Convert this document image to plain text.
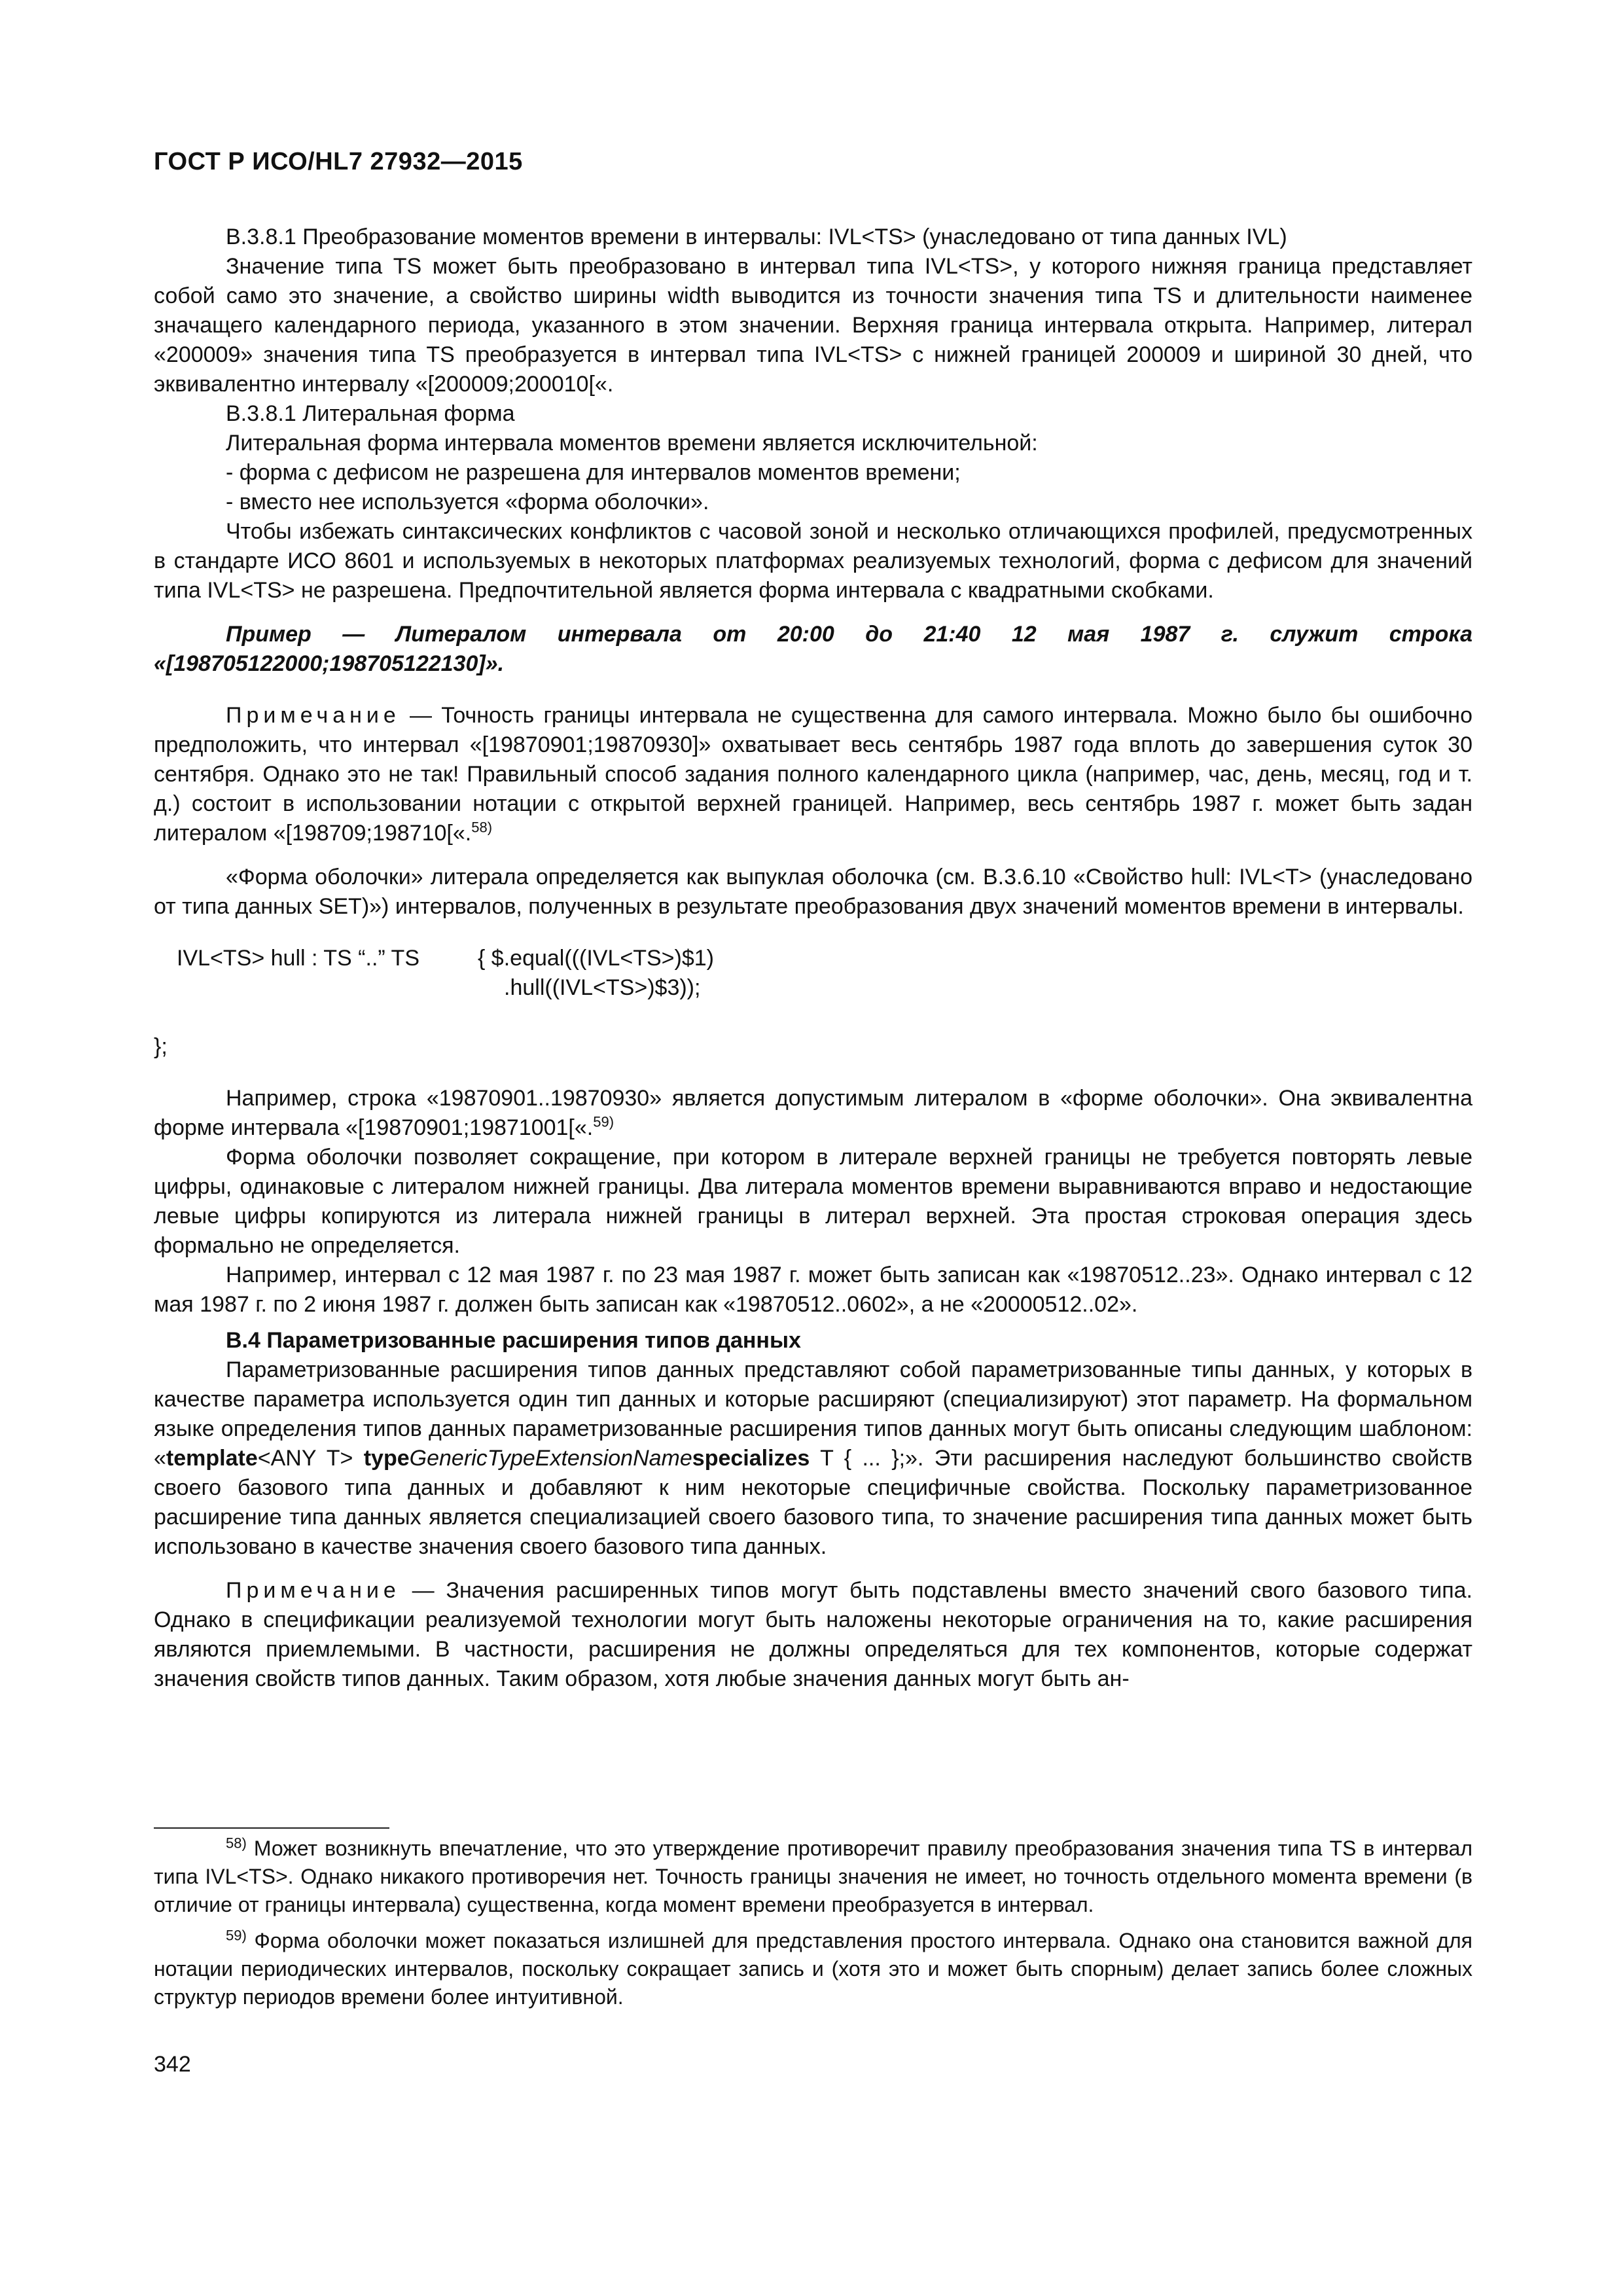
ГОСТ Р ИСО/HL7 27932—2015

В.3.8.1 Преобразование моментов времени в интервалы: IVL<TS> (унаследовано от типа данных IVL)

Значение типа TS может быть преобразовано в интервал типа IVL<TS>, у которого нижняя граница представляет собой само это значение, а свойство ширины width выводится из точности значения типа TS и длительности наименее значащего календарного периода, указанного в этом значении. Верхняя граница интервала открыта. Например, литерал «200009» значения типа TS преобразуется в интервал типа IVL<TS> с нижней границей 200009 и шириной 30 дней, что эквивалентно интервалу «[200009;200010[«.

В.3.8.1 Литеральная форма

Литеральная форма интервала моментов времени является исключительной:

- форма с дефисом не разрешена для интервалов моментов времени;

- вместо нее используется «форма оболочки».

Чтобы избежать синтаксических конфликтов с часовой зоной и несколько отличающихся профилей, предусмотренных в стандарте ИСО 8601 и используемых в некоторых платформах реализуемых технологий, форма с дефисом для значений типа IVL<TS> не разрешена. Предпочтительной является форма интервала с квадратными скобками.

Пример — Литералом интервала от 20:00 до 21:40 12 мая 1987 г. служит строка «[198705122000;198705122130]».

Примечание — Точность границы интервала не существенна для самого интервала. Можно было бы ошибочно предположить, что интервал «[19870901;19870930]» охватывает весь сентябрь 1987 года вплоть до завершения суток 30 сентября. Однако это не так! Правильный способ задания полного календарного цикла (например, час, день, месяц, год и т. д.) состоит в использовании нотации с открытой верхней границей. Например, весь сентябрь 1987 г. может быть задан литералом «[198709;198710[«.$^{58)}$

«Форма оболочки» литерала определяется как выпуклая оболочка (см. В.3.6.10 «Свойство hull: IVL<T> (унаследовано от типа данных SET)») интервалов, полученных в результате преобразования двух значений моментов времени в интервалы.

IVL<TS> hull : TS “..” TS	{ $.equal(((IVL<TS>)$1)
.hull((IVL<TS>)$3));
};

Например, строка «19870901..19870930» является допустимым литералом в «форме оболочки». Она эквивалентна форме интервала «[19870901;19871001[«.$^{59)}$

Форма оболочки позволяет сокращение, при котором в литерале верхней границы не требуется повторять левые цифры, одинаковые с литералом нижней границы. Два литерала моментов времени выравниваются вправо и недостающие левые цифры копируются из литерала нижней границы в литерал верхней. Эта простая строковая операция здесь формально не определяется.

Например, интервал с 12 мая 1987 г. по 23 мая 1987 г. может быть записан как «19870512..23». Однако интервал с 12 мая 1987 г. по 2 июня 1987 г. должен быть записан как «19870512..0602», а не «20000512..02».

В.4 Параметризованные расширения типов данных

Параметризованные расширения типов данных представляют собой параметризованные типы данных, у которых в качестве параметра используется один тип данных и которые расширяют (специализируют) этот параметр. На формальном языке определения типов данных параметризованные расширения типов данных могут быть описаны следующим шаблоном: «template<ANY T> typeGenericTypeExtensionNamespecializes T { ... };». Эти расширения наследуют большинство свойств своего базового типа данных и добавляют к ним некоторые специфичные свойства. Поскольку параметризованное расширение типа данных является специализацией своего базового типа, то значение расширения типа данных может быть использовано в качестве значения своего базового типа данных.

Примечание — Значения расширенных типов могут быть подставлены вместо значений свого базового типа. Однако в спецификации реализуемой технологии могут быть наложены некоторые ограничения на то, какие расширения являются приемлемыми. В частности, расширения не должны определяться для тех компонентов, которые содержат значения свойств типов данных. Таким образом, хотя любые значения данных могут быть ан-

$^{58)}$ Может возникнуть впечатление, что это утверждение противоречит правилу преобразования значения типа TS в интервал типа IVL<TS>. Однако никакого противоречия нет. Точность границы значения не имеет, но точность отдельного момента времени (в отличие от границы интервала) существенна, когда момент времени преобразуется в интервал.

$^{59)}$ Форма оболочки может показаться излишней для представления простого интервала. Однако она становится важной для нотации периодических интервалов, поскольку сокращает запись и (хотя это и может быть спорным) делает запись более сложных структур периодов времени более интуитивной.

342
